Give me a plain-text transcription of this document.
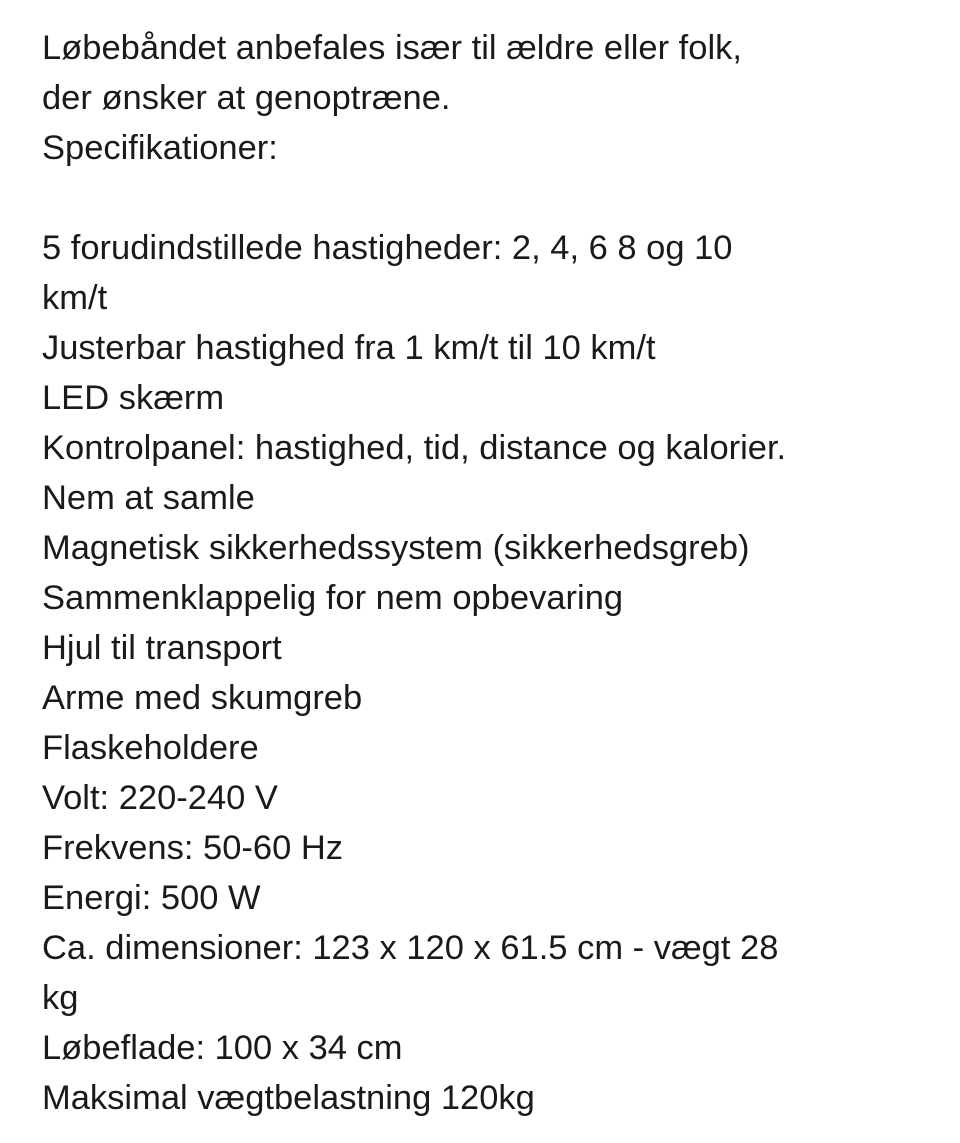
Løbebåndet anbefales især til ældre eller folk,
der ønsker at genoptræne.
Specifikationer:
5 forudindstillede hastigheder: 2, 4, 6 8 og 10
km/t
Justerbar hastighed fra 1 km/t til 10 km/t
LED skærm
Kontrolpanel: hastighed, tid, distance og kalorier.
Nem at samle
Magnetisk sikkerhedssystem (sikkerhedsgreb)
Sammenklappelig for nem opbevaring
Hjul til transport
Arme med skumgreb
Flaskeholdere
Volt: 220-240 V
Frekvens: 50-60 Hz
Energi: 500 W
Ca. dimensioner: 123 x 120 x 61.5 cm - vægt 28
kg
Løbeflade: 100 x 34 cm
Maksimal vægtbelastning 120kg
